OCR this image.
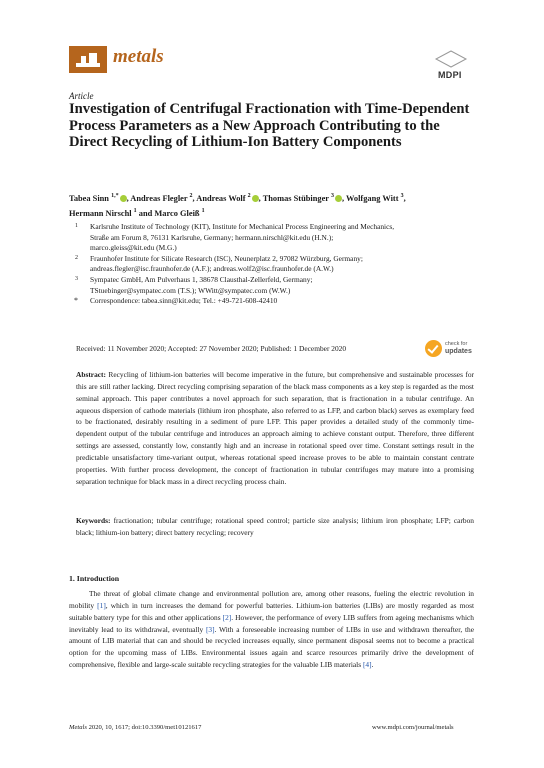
metals
MDPI
Article
Investigation of Centrifugal Fractionation with Time-Dependent Process Parameters as a New Approach Contributing to the Direct Recycling of Lithium-Ion Battery Components
Tabea Sinn $^{1,*}$ , Andreas Flegler $^2$, Andreas Wolf $^2$ , Thomas Stübinger $^3$ , Wolfgang Witt $^3$,
Hermann Nirschl $^1$ and Marco Gleiß $^1$
1 Karlsruhe Institute of Technology (KIT), Institute for Mechanical Process Engineering and Mechanics,
Straße am Forum 8, 76131 Karlsruhe, Germany; hermann.nirschl@kit.edu (H.N.);
marco.gleiss@kit.edu (M.G.)
2 Fraunhofer Institute for Silicate Research (ISC), Neunerplatz 2, 97082 Würzburg, Germany;
andreas.flegler@isc.fraunhofer.de (A.F.); andreas.wolf2@isc.fraunhofer.de (A.W.)
3 Sympatec GmbH, Am Pulverhaus 1, 38678 Clausthal-Zellerfeld, Germany;
TStuebinger@sympatec.com (T.S.); WWitt@sympatec.com (W.W.)
* Correspondence: tabea.sinn@kit.edu; Tel.: +49-721-608-42410
Received: 11 November 2020; Accepted: 27 November 2020; Published: 1 December 2020	check for
updates
Abstract: Recycling of lithium-ion batteries will become imperative in the future, but comprehensive and sustainable processes for this are still rather lacking. Direct recycling comprising separation of the black mass components as a key step is regarded as the most seminal approach. This paper contributes a novel approach for such separation, that is fractionation in a tubular centrifuge. An aqueous dispersion of cathode materials (lithium iron phosphate, also referred to as LFP, and carbon black) serves as exemplary feed to be fractionated, desirably resulting in a sediment of pure LFP. This paper provides a detailed study of the commonly time-dependent output of the tubular centrifuge and introduces an approach aiming to achieve constant output. Therefore, three different settings are assessed, constantly low, constantly high and an increase in rotational speed over time. Constant settings result in the predictable unsatisfactory time-variant output, whereas rotational speed increase proves to be able to maintain constant centrate properties. With further process development, the concept of fractionation in tubular centrifuges may mature into a promising separation technique for black mass in a direct recycling process chain.
Keywords: fractionation; tubular centrifuge; rotational speed control; particle size analysis; lithium iron phosphate; LFP; carbon black; lithium-ion battery; direct battery recycling; recovery
1. Introduction
The threat of global climate change and environmental pollution are, among other reasons, fueling the electric revolution in mobility [1], which in turn increases the demand for powerful batteries. Lithium-ion batteries (LIBs) are mostly regarded as most suitable battery type for this and other applications [2]. However, the performance of every LIB suffers from ageing mechanisms which inevitably lead to its withdrawal, eventually [3]. With a foreseeable increasing number of LIBs in use and withdrawn thereafter, the amount of LIB material that can and should be recycled increases equally, since permanent disposal seems not to become a practical option for the upcoming mass of LIBs. Environmental issues again and scarce resources primarily drive the development of comprehensive, flexible and large-scale suitable recycling strategies for the valuable LIB materials [4].
Metals 2020, 10, 1617; doi:10.3390/met10121617	www.mdpi.com/journal/metals
